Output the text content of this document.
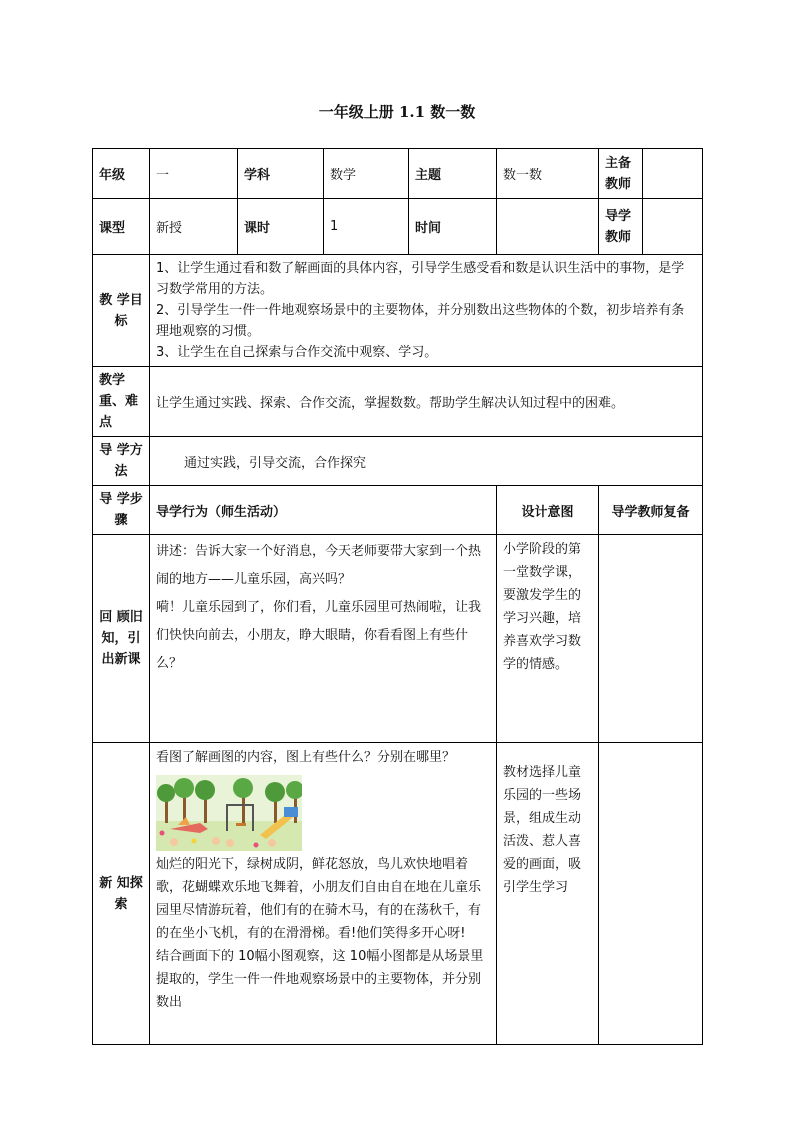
一年级上册 1.1 数一数
年级	一	学科	数学	主题	数一数	主备教师	
课型	新授	课时	1	时间		导学教师	
教 学目标	1、让学生通过看和数了解画面的具体内容，引导学生感受看和数是认识生活中的事物，是学习数学常用的方法。
2、引导学生一件一件地观察场景中的主要物体，并分别数出这些物体的个数，初步培养有条理地观察的习惯。
3、让学生在自己探索与合作交流中观察、学习。						

教学重、难点	让学生通过实践、探索、合作交流，掌握数数。帮助学生解决认知过程中的困难。						
导 学方法	通过实践，引导交流，合作探究						
导 学步骤	导学行为（师生活动）				设计意图	导学教师复备	
回 顾旧知，引 出新课	讲述：告诉大家一个好消息，今天老师要带大家到一个热闹的地方——儿童乐园，高兴吗？

嗬！儿童乐园到了，你们看，儿童乐园里可热闹啦，让我们快快向前去，小朋友，睁大眼睛，你看看图上有些什么？				小学阶段的第一堂数学课，要激发学生的学习兴趣，培养喜欢学习数学的情感。		
新 知探索	看图了解画图的内容，图上有些什么？分别在哪里？
灿烂的阳光下，绿树成阴，鲜花怒放，鸟儿欢快地唱着歌，花蝴蝶欢乐地飞舞着，小朋友们自由自在地在儿童乐园里尽情游玩着，他们有的在骑木马，有的在荡秋千，有的在坐小飞机，有的在滑滑梯。看!他们笑得多开心呀!
结合画面下的 10幅小图观察，这 10幅小图都是从场景里提取的，学生一件一件地观察场景中的主要物体，并分别数出				教材选择儿童乐园的一些场景，组成生动活泼、惹人喜爱的画面，吸引学生学习		
